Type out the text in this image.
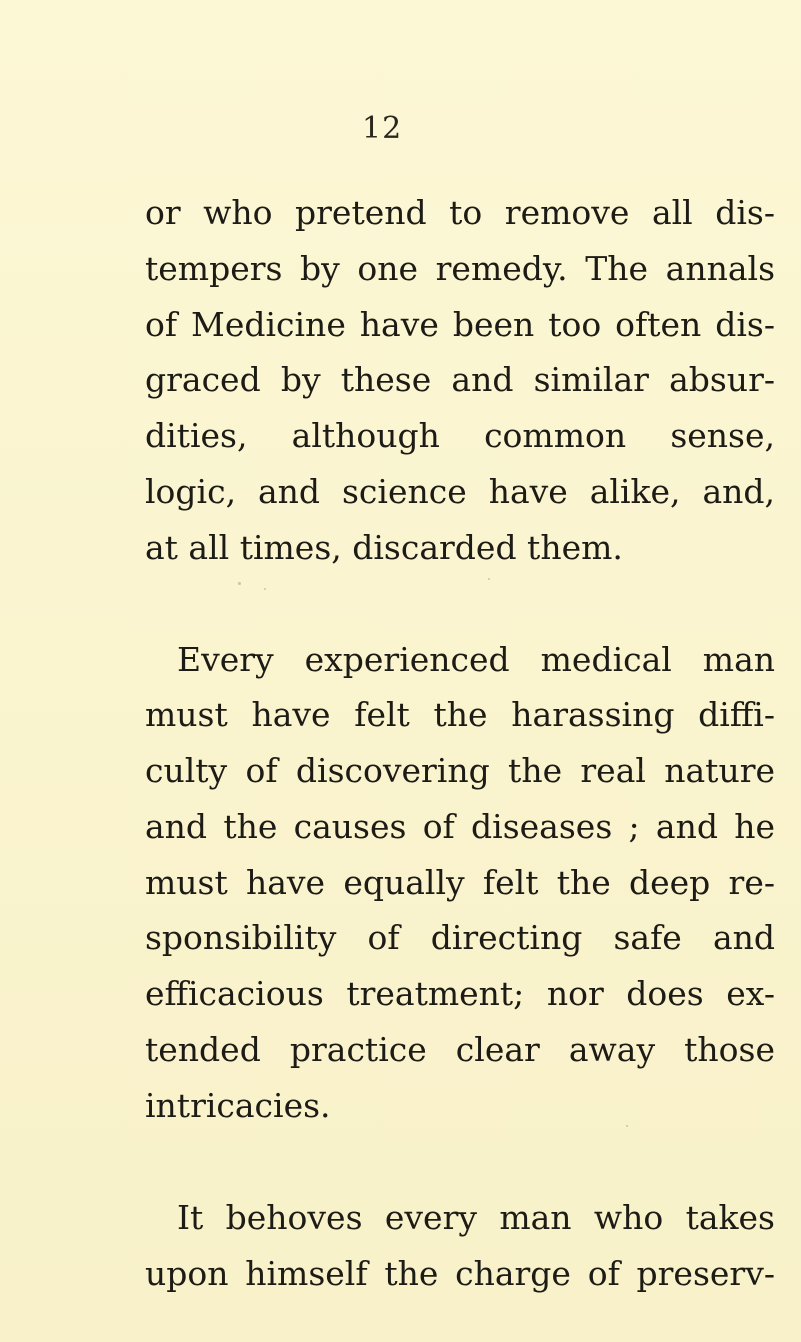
12
or who pretend to remove all dis-
tempers by one remedy. The annals
of Medicine have been too often dis-
graced by these and similar absur-
dities, although common sense,
logic, and science have alike, and,
at all times, discarded them.
Every experienced medical man
must have felt the harassing diffi-
culty of discovering the real nature
and the causes of diseases ; and he
must have equally felt the deep re-
sponsibility of directing safe and
efficacious treatment; nor does ex-
tended practice clear away those
intricacies.
It behoves every man who takes
upon himself the charge of preserv-
